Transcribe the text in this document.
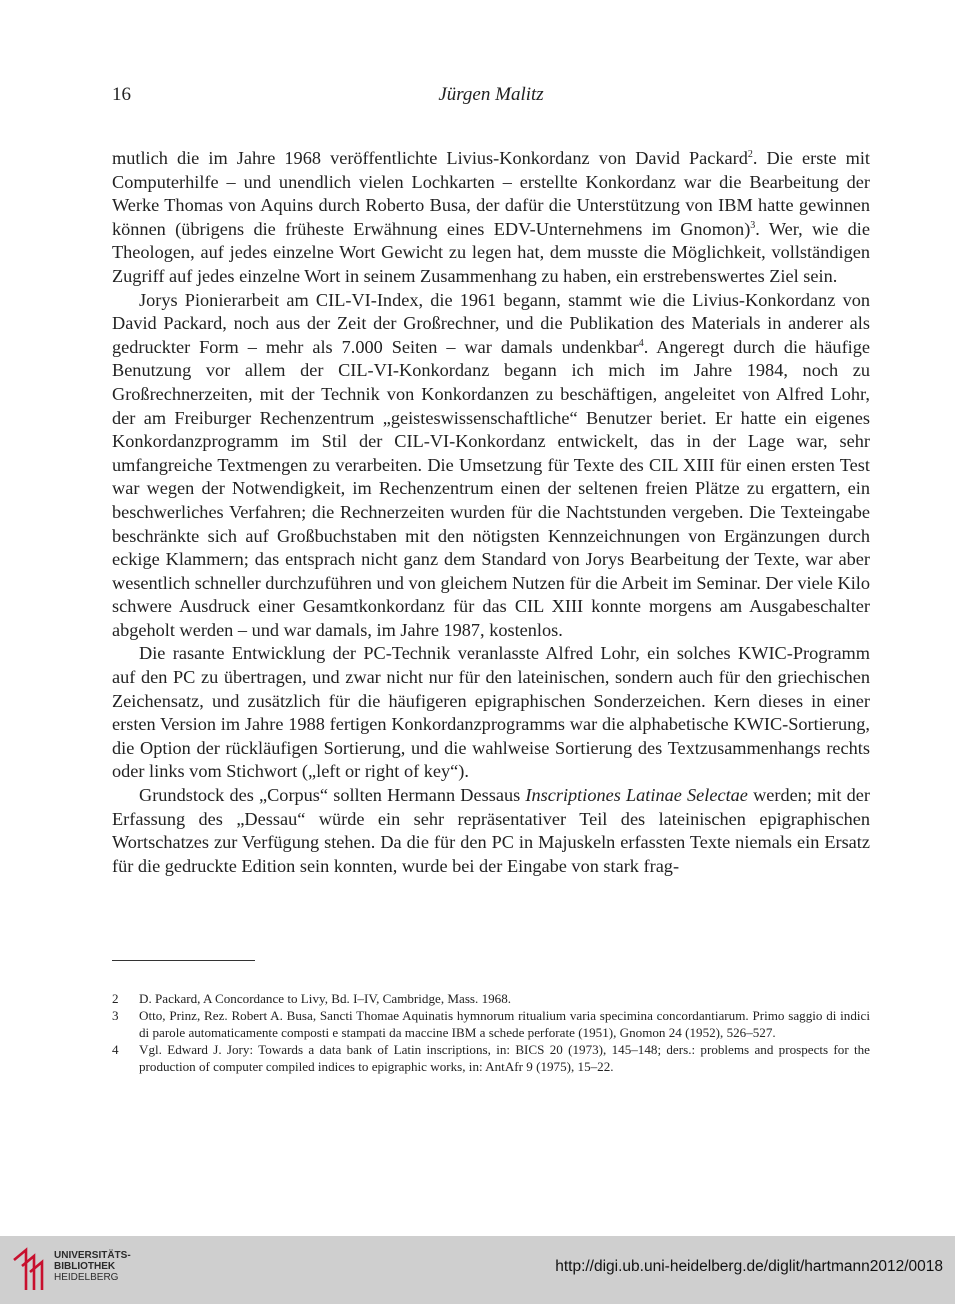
16	Jürgen Malitz

mutlich die im Jahre 1968 veröffentlichte Livius-Konkordanz von David Packard$^2$. Die erste mit Computerhilfe – und unendlich vielen Lochkarten – erstellte Konkordanz war die Bearbeitung der Werke Thomas von Aquins durch Roberto Busa, der dafür die Unterstützung von IBM hatte gewinnen können (übrigens die früheste Erwähnung eines EDV-Unternehmens im Gnomon)$^3$. Wer, wie die Theologen, auf jedes einzelne Wort Gewicht zu legen hat, dem musste die Möglichkeit, vollständigen Zugriff auf jedes einzelne Wort in seinem Zusammenhang zu haben, ein erstrebenswertes Ziel sein.

Jorys Pionierarbeit am CIL-VI-Index, die 1961 begann, stammt wie die Livius-Konkordanz von David Packard, noch aus der Zeit der Großrechner, und die Publikation des Materials in anderer als gedruckter Form – mehr als 7.000 Seiten – war damals undenkbar$^4$. Angeregt durch die häufige Benutzung vor allem der CIL-VI-Konkordanz begann ich mich im Jahre 1984, noch zu Großrechnerzeiten, mit der Technik von Konkordanzen zu beschäftigen, angeleitet von Alfred Lohr, der am Freiburger Rechenzentrum „geisteswissenschaftliche“ Benutzer beriet. Er hatte ein eigenes Konkordanzprogramm im Stil der CIL-VI-Konkordanz entwickelt, das in der Lage war, sehr umfangreiche Textmengen zu verarbeiten. Die Umsetzung für Texte des CIL XIII für einen ersten Test war wegen der Notwendigkeit, im Rechenzentrum einen der seltenen freien Plätze zu ergattern, ein beschwerliches Verfahren; die Rechnerzeiten wurden für die Nachtstunden vergeben. Die Texteingabe beschränkte sich auf Großbuchstaben mit den nötigsten Kennzeichnungen von Ergänzungen durch eckige Klammern; das entsprach nicht ganz dem Standard von Jorys Bearbeitung der Texte, war aber wesentlich schneller durchzuführen und von gleichem Nutzen für die Arbeit im Seminar. Der viele Kilo schwere Ausdruck einer Gesamtkonkordanz für das CIL XIII konnte morgens am Ausgabeschalter abgeholt werden – und war damals, im Jahre 1987, kostenlos.

Die rasante Entwicklung der PC-Technik veranlasste Alfred Lohr, ein solches KWIC-Programm auf den PC zu übertragen, und zwar nicht nur für den lateinischen, sondern auch für den griechischen Zeichensatz, und zusätzlich für die häufigeren epigraphischen Sonderzeichen. Kern dieses in einer ersten Version im Jahre 1988 fertigen Konkordanzprogramms war die alphabetische KWIC-Sortierung, die Option der rückläufigen Sortierung, und die wahlweise Sortierung des Textzusammenhangs rechts oder links vom Stichwort („left or right of key“).

Grundstock des „Corpus“ sollten Hermann Dessaus Inscriptiones Latinae Selectae werden; mit der Erfassung des „Dessau“ würde ein sehr repräsentativer Teil des lateinischen epigraphischen Wortschatzes zur Verfügung stehen. Da die für den PC in Majuskeln erfassten Texte niemals ein Ersatz für die gedruckte Edition sein konnten, wurde bei der Eingabe von stark frag-

2	D. Packard, A Concordance to Livy, Bd. I–IV, Cambridge, Mass. 1968.
3	Otto, Prinz, Rez. Robert A. Busa, Sancti Thomae Aquinatis hymnorum ritualium varia specimina concordantiarum. Primo saggio di indici di parole automaticamente composti e stampati da maccine IBM a schede perforate (1951), Gnomon 24 (1952), 526–527.
4	Vgl. Edward J. Jory: Towards a data bank of Latin inscriptions, in: BICS 20 (1973), 145–148; ders.: problems and prospects for the production of computer compiled indices to epigraphic works, in: AntAfr 9 (1975), 15–22.
UNIVERSITÄTS-
BIBLIOTHEK
HEIDELBERG
http://digi.ub.uni-heidelberg.de/diglit/hartmann2012/0018
